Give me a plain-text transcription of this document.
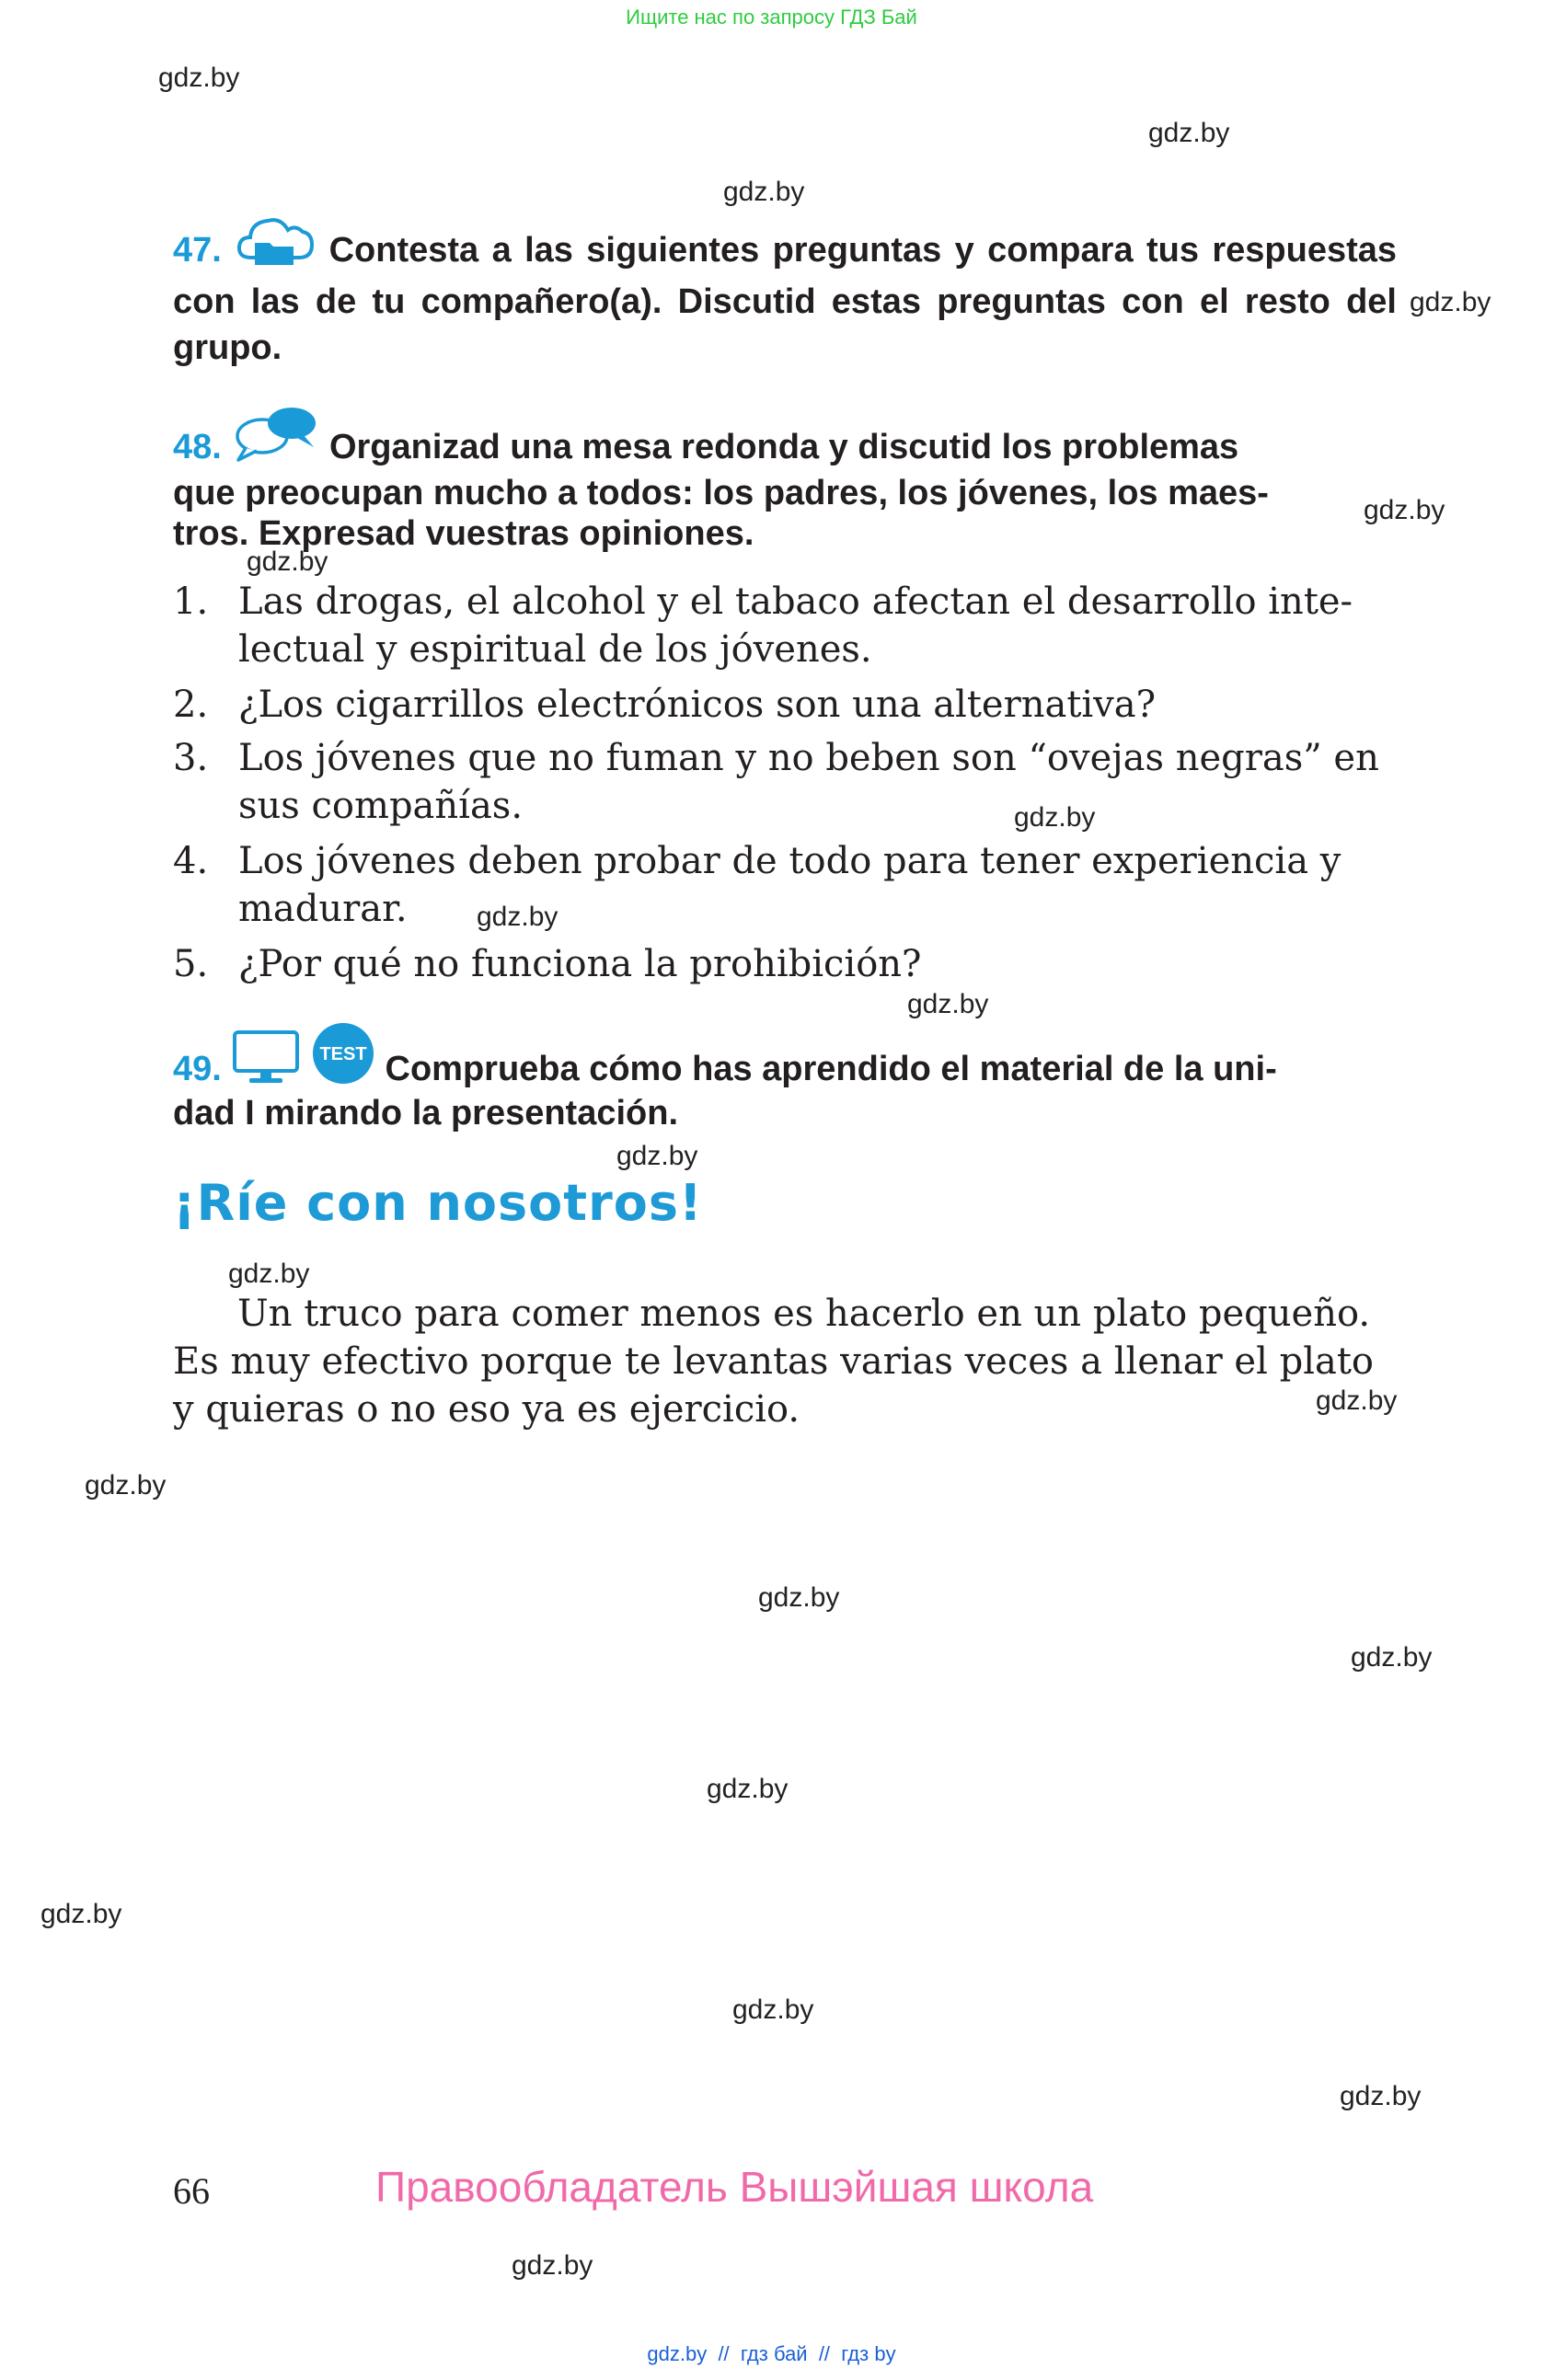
Ищите нас по запросу ГДЗ Бай
gdz.by
gdz.by
gdz.by
gdz.by
gdz.by
gdz.by
gdz.by
gdz.by
gdz.by
gdz.by
gdz.by
gdz.by
gdz.by
gdz.by
gdz.by
gdz.by
gdz.by
gdz.by
gdz.by
gdz.by
47.	Contesta a las siguientes preguntas y compara tus respuestas con las de tu compañero(a). Discutid estas preguntas con el resto del grupo.
48.	Organizad una mesa redonda y discutid los problemas
que preocupan mucho a todos: los padres, los jóvenes, los maes-
tros. Expresad vuestras opiniones.
1. Las drogas, el alcohol y el tabaco afectan el desarrollo inte-
lectual y espiritual de los jóvenes.
2. ¿Los cigarrillos electrónicos son una alternativa?
3. Los jóvenes que no fuman y no beben son “ovejas negras” en
sus compañías.
4. Los jóvenes deben probar de todo para tener experiencia y
madurar.
5. ¿Por qué no funciona la prohibición?
49.	TEST Comprueba cómo has aprendido el material de la uni-
dad I mirando la presentación.
¡Ríe con nosotros!
Un truco para comer menos es hacerlo en un plato pequeño.
Es muy efectivo porque te levantas varias veces a llenar el plato
y quieras o no eso ya es ejercicio.
66	Правообладатель Вышэйшая школа
gdz.by  //  гдз бай  //  гдз by
